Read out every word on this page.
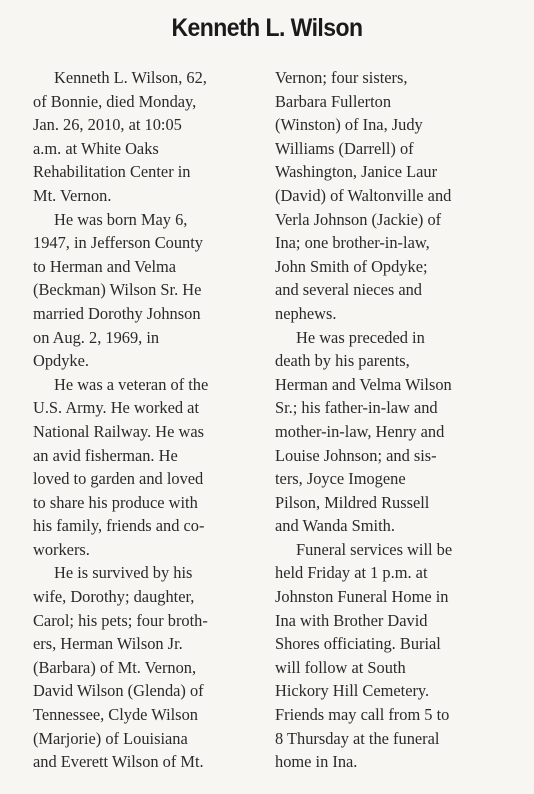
Kenneth L. Wilson
Kenneth L. Wilson, 62,
of Bonnie, died Monday,
Jan. 26, 2010, at 10:05
a.m. at White Oaks
Rehabilitation Center in
Mt. Vernon.
He was born May 6,
1947, in Jefferson County
to Herman and Velma
(Beckman) Wilson Sr. He
married Dorothy Johnson
on Aug. 2, 1969, in
Opdyke.
He was a veteran of the
U.S. Army. He worked at
National Railway. He was
an avid fisherman. He
loved to garden and loved
to share his produce with
his family, friends and co-
workers.
He is survived by his
wife, Dorothy; daughter,
Carol; his pets; four broth-
ers, Herman Wilson Jr.
(Barbara) of Mt. Vernon,
David Wilson (Glenda) of
Tennessee, Clyde Wilson
(Marjorie) of Louisiana
and Everett Wilson of Mt.
Vernon; four sisters,
Barbara Fullerton
(Winston) of Ina, Judy
Williams (Darrell) of
Washington, Janice Laur
(David) of Waltonville and
Verla Johnson (Jackie) of
Ina; one brother-in-law,
John Smith of Opdyke;
and several nieces and
nephews.
He was preceded in
death by his parents,
Herman and Velma Wilson
Sr.; his father-in-law and
mother-in-law, Henry and
Louise Johnson; and sis-
ters, Joyce Imogene
Pilson, Mildred Russell
and Wanda Smith.
Funeral services will be
held Friday at 1 p.m. at
Johnston Funeral Home in
Ina with Brother David
Shores officiating. Burial
will follow at South
Hickory Hill Cemetery.
Friends may call from 5 to
8 Thursday at the funeral
home in Ina.
